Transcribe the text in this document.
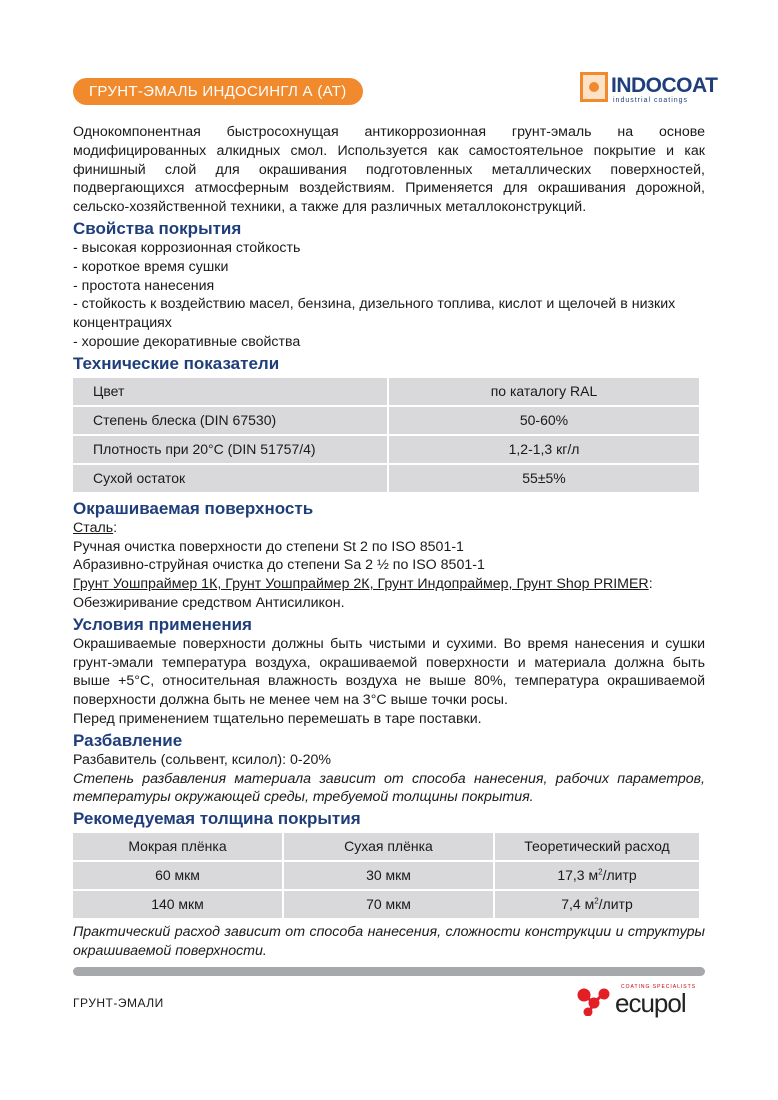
ГРУНТ-ЭМАЛЬ ИНДОСИНГЛ А (АТ)	INDOCOAT
industrial coatings

Однокомпонентная быстросохнущая антикоррозионная грунт-эмаль на основе модифицированных алкидных смол. Используется как самостоятельное покрытие и как финишный слой для окрашивания подготовленных металлических поверхностей, подвергающихся атмосферным воздействиям. Применяется для окрашивания дорожной, сельско-хозяйственной техники, а также для различных металлоконструкций.

Свойства покрытия
- высокая коррозионная стойкость
- короткое время сушки
- простота нанесения
- стойкость к воздействию масел, бензина, дизельного топлива, кислот и щелочей в низких концентрациях
- хорошие декоративные свойства
Технические показатели
Цвет	по каталогу RAL
Степень блеска (DIN 67530)	50-60%
Плотность при 20°C (DIN 51757/4)	1,2-1,3 кг/л
Сухой остаток	55±5%
Окрашиваемая поверхность
Сталь:
Ручная очистка поверхности до степени St 2 по ISO 8501-1
Абразивно-струйная очистка до степени Sa 2 ½ по ISO 8501-1
Грунт Уошпраймер 1К, Грунт Уошпраймер 2К, Грунт Индопраймер, Грунт Shop PRIMER:
Обезжиривание средством Антисиликон.
Условия применения

Окрашиваемые поверхности должны быть чистыми и сухими. Во время нанесения и сушки грунт-эмали температура воздуха, окрашиваемой поверхности и материала должна быть выше +5°C, относительная влажность воздуха не выше 80%, температура окрашиваемой поверхности должна быть не менее чем на 3°C выше точки росы.

Перед применением тщательно перемешать в таре поставки.

Разбавление
Разбавитель (сольвент, ксилол): 0-20%

Степень разбавления материала зависит от способа нанесения, рабочих параметров, температуры окружающей среды, требуемой толщины покрытия.

Рекомедуемая толщина покрытия
Мокрая плёнка	Сухая плёнка	Теоретический расход
60 мкм	30 мкм	17,3 $м^2$/литр
140 мкм	70 мкм	7,4 $м^2$/литр

Практический расход зависит от способа нанесения, сложности конструкции и структуры окрашиваемой поверхности.

ГРУНТ-ЭМАЛИ
COATING SPECIALISTS
ecupol
